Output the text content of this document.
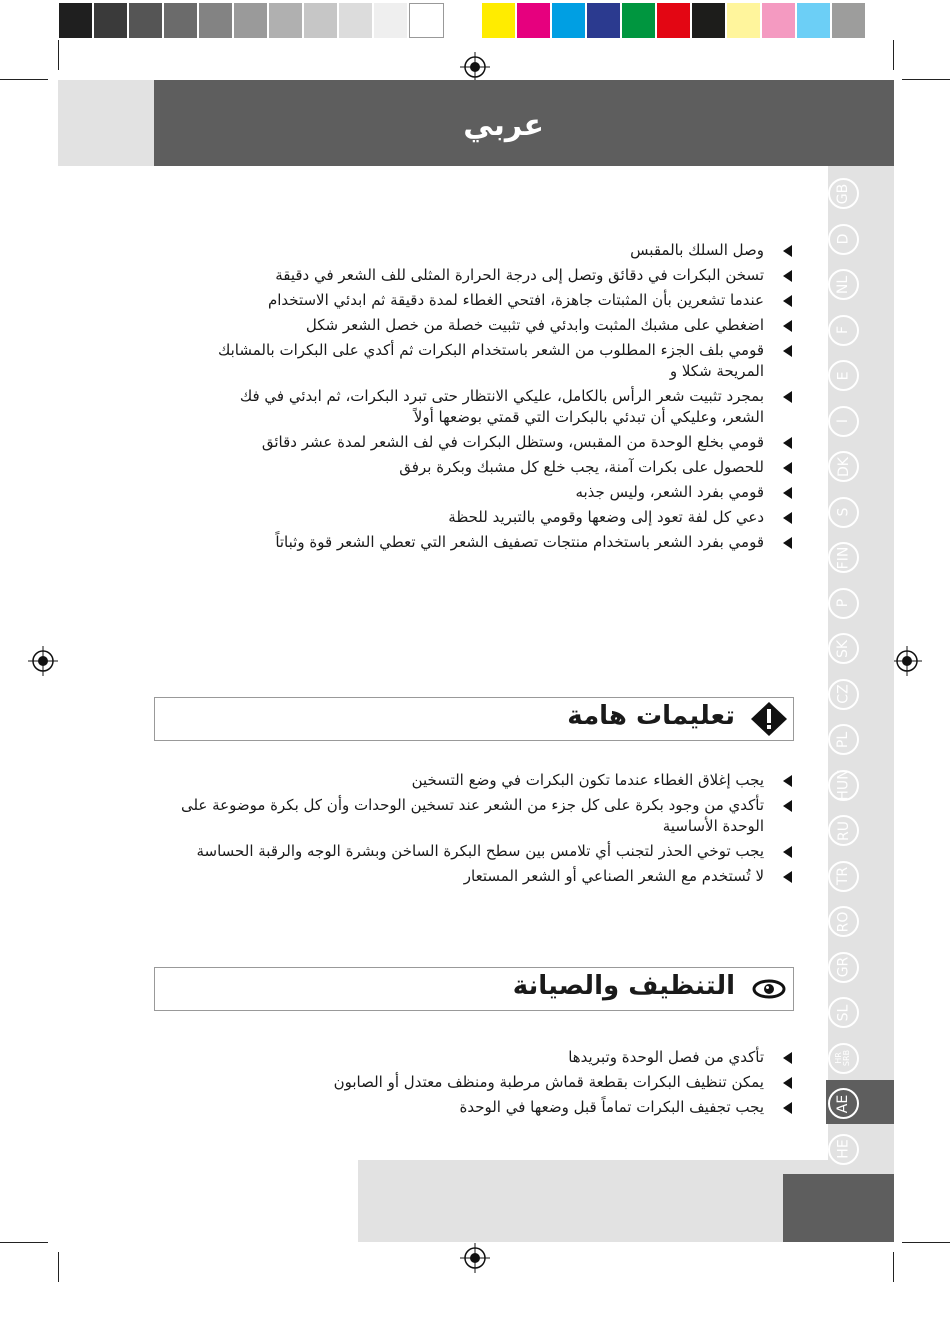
عربي
GB
D
NL
F
E
I
DK
S
FIN
P
SK
CZ
PL
HUN
RU
TR
RO
GR
SL
HR
SRB
AE
HE
وصل السلك بالمقبس
تسخن البكرات في دقائق وتصل إلى درجة الحرارة المثلى للف الشعر في دقيقة
عندما تشعرين بأن المثبتات جاهزة، افتحي الغطاء لمدة دقيقة ثم ابدئي الاستخدام
اضغطي على مشبك المثبت وابدئي في تثبيت خصلة من خصل الشعر شكل
قومي بلف الجزء المطلوب من الشعر باستخدام البكرات ثم أكدي على البكرات بالمشابك المريحة شكلا و
بمجرد تثبيت شعر الرأس بالكامل، عليكي الانتظار حتى تبرد البكرات، ثم ابدئي في فك الشعر، وعليكي أن تبدئي بالبكرات التي قمتي بوضعها أولاً
قومي بخلع الوحدة من المقبس، وستظل البكرات في لف الشعر لمدة عشر دقائق
للحصول على بكرات آمنة، يجب خلع كل مشبك وبكرة برفق
قومي بفرد الشعر، وليس جذبه
دعي كل لفة تعود إلى وضعها وقومي بالتبريد للحظة
قومي بفرد الشعر باستخدام منتجات تصفيف الشعر التي تعطي الشعر قوة وثباتاً
تعليمات هامة
يجب إغلاق الغطاء عندما تكون البكرات في وضع التسخين
تأكدي من وجود بكرة على كل جزء من الشعر عند تسخين الوحدات وأن كل بكرة موضوعة على الوحدة الأساسية
يجب توخي الحذر لتجنب أي تلامس بين سطح البكرة الساخن وبشرة الوجه والرقبة الحساسة
لا تُستخدم مع الشعر الصناعي أو الشعر المستعار
التنظيف والصيانة
تأكدي من فصل الوحدة وتبريدها
يمكن تنظيف البكرات بقطعة قماش مرطبة ومنظف معتدل أو الصابون
يجب تجفيف البكرات تماماً قبل وضعها في الوحدة
